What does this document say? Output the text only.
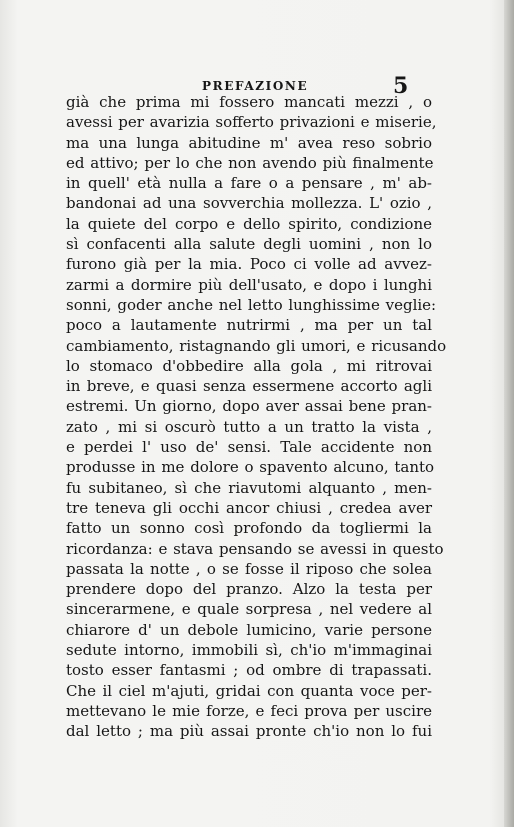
PREFAZIONE	5
già che prima mi fossero mancati mezzi , o
avessi per avarizia sofferto privazioni e miserie,
ma una lunga abitudine m' avea reso sobrio
ed attivo; per lo che non avendo più finalmente
in quell' età nulla a fare o a pensare , m' ab-
bandonai ad una sovverchia mollezza. L' ozio ,
la quiete del corpo e dello spirito, condizione
sì confacenti alla salute degli uomini , non lo
furono già per la mia. Poco ci volle ad avvez-
zarmi a dormire più dell'usato, e dopo i lunghi
sonni, goder anche nel letto lunghissime veglie:
poco a lautamente nutrirmi , ma per un tal
cambiamento, ristagnando gli umori, e ricusando
lo stomaco d'obbedire alla gola , mi ritrovai
in breve, e quasi senza essermene accorto agli
estremi. Un giorno, dopo aver assai bene pran-
zato , mi si oscurò tutto a un tratto la vista ,
e perdei l' uso de' sensi. Tale accidente non
produsse in me dolore o spavento alcuno, tanto
fu subitaneo, sì che riavutomi alquanto , men-
tre teneva gli occhi ancor chiusi , credea aver
fatto un sonno così profondo da togliermi la
ricordanza: e stava pensando se avessi in questo
passata la notte , o se fosse il riposo che solea
prendere dopo del pranzo. Alzo la testa per
sincerarmene, e quale sorpresa , nel vedere al
chiarore d' un debole lumicino, varie persone
sedute intorno, immobili sì, ch'io m'immaginai
tosto esser fantasmi ; od ombre di trapassati.
Che il ciel m'ajuti, gridai con quanta voce per-
mettevano le mie forze, e feci prova per uscire
dal letto ; ma più assai pronte ch'io non lo fui
